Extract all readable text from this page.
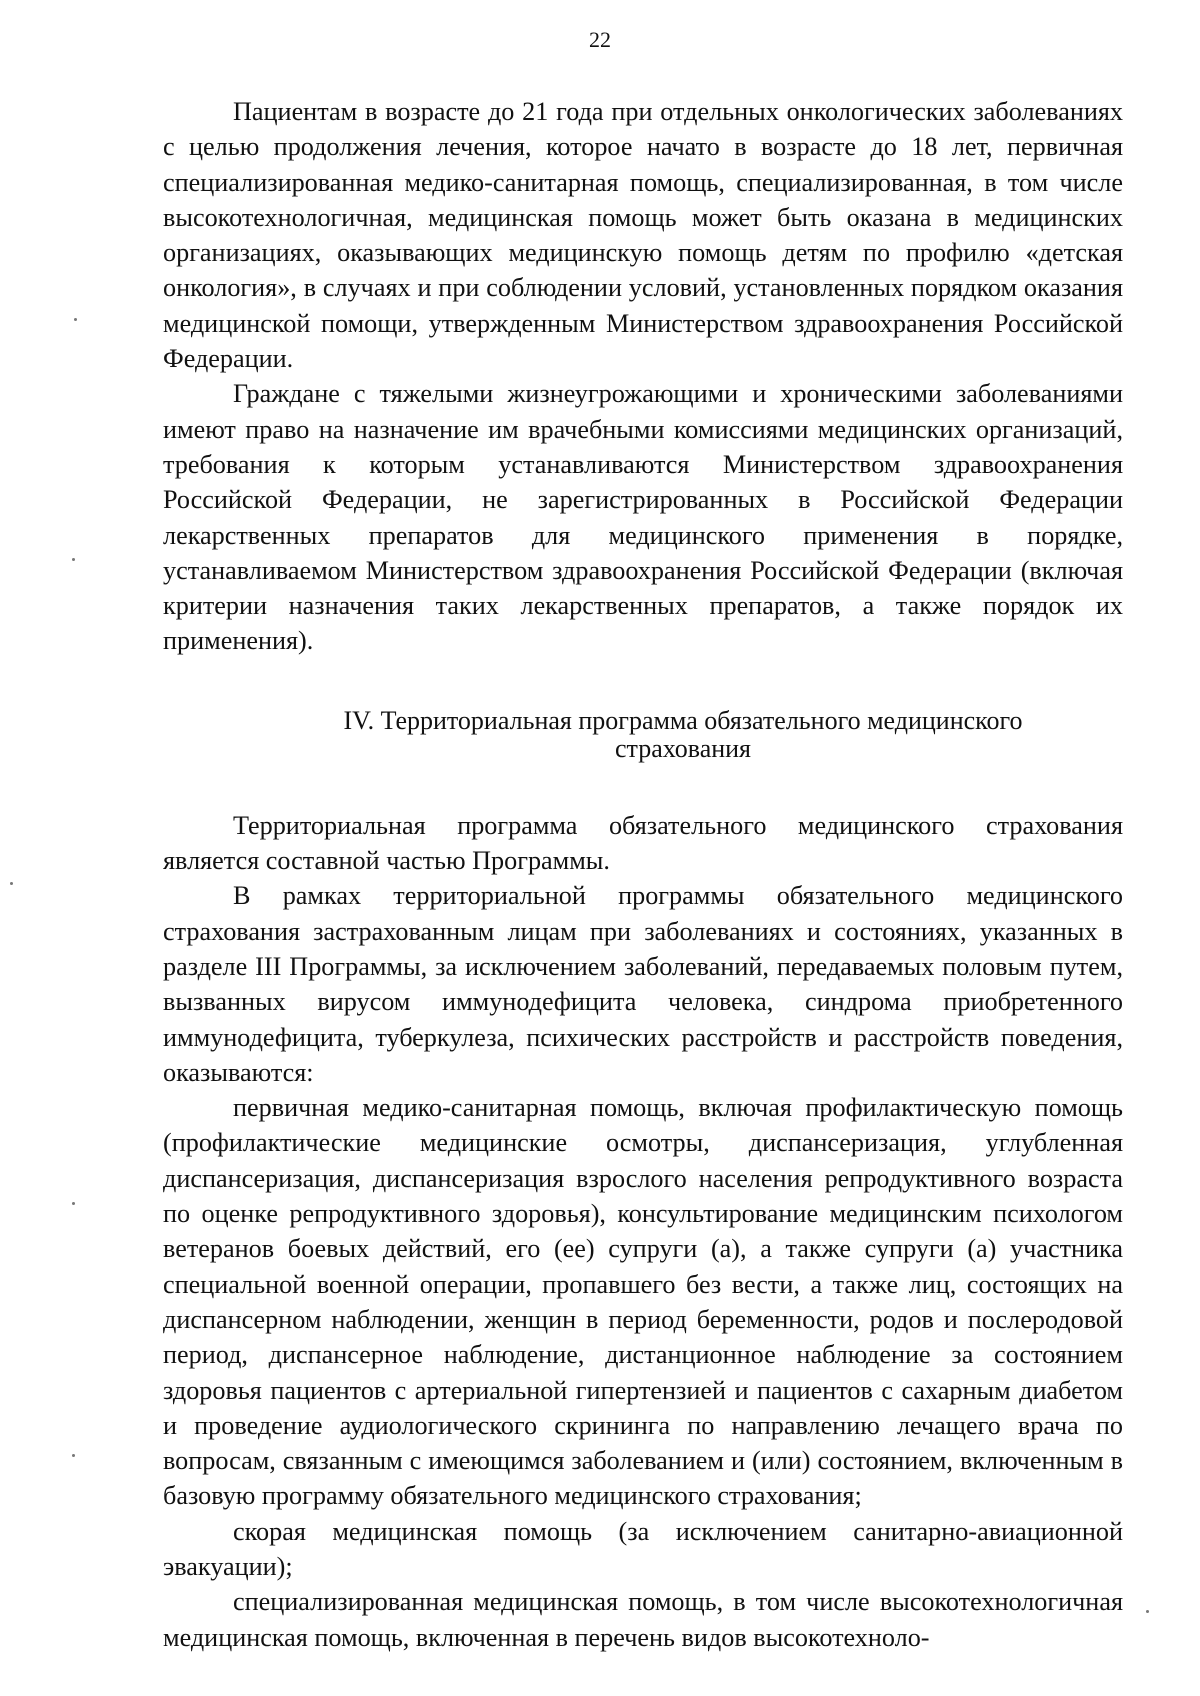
22

Пациентам в возрасте до 21 года при отдельных онкологических заболеваниях с целью продолжения лечения, которое начато в возрасте до 18 лет, первичная специализированная медико-санитарная помощь, специализированная, в том числе высокотехнологичная, медицинская помощь может быть оказана в медицинских организациях, оказывающих медицинскую помощь детям по профилю «детская онкология», в случаях и при соблюдении условий, установленных порядком оказания медицинской помощи, утвержденным Министерством здравоохранения Российской Федерации.

Граждане с тяжелыми жизнеугрожающими и хроническими заболеваниями имеют право на назначение им врачебными комиссиями медицинских организаций, требования к которым устанавливаются Министерством здравоохранения Российской Федерации, не зарегистрированных в Российской Федерации лекарственных препаратов для медицинского применения в порядке, устанавливаемом Министерством здравоохранения Российской Федерации (включая критерии назначения таких лекарственных препаратов, а также порядок их применения).

IV. Территориальная программа обязательного медицинского
страхования

Территориальная программа обязательного медицинского страхования является составной частью Программы.

В рамках территориальной программы обязательного медицинского страхования застрахованным лицам при заболеваниях и состояниях, указанных в разделе III Программы, за исключением заболеваний, передаваемых половым путем, вызванных вирусом иммунодефицита человека, синдрома приобретенного иммунодефицита, туберкулеза, психических расстройств и расстройств поведения, оказываются:

первичная медико-санитарная помощь, включая профилактическую помощь (профилактические медицинские осмотры, диспансеризация, углубленная диспансеризация, диспансеризация взрослого населения репродуктивного возраста по оценке репродуктивного здоровья), консультирование медицинским психологом ветеранов боевых действий, его (ее) супруги (а), а также супруги (а) участника специальной военной операции, пропавшего без вести, а также лиц, состоящих на диспансерном наблюдении, женщин в период беременности, родов и послеродовой период, диспансерное наблюдение, дистанционное наблюдение за состоянием здоровья пациентов с артериальной гипертензией и пациентов с сахарным диабетом и проведение аудиологического скрининга по направлению лечащего врача по вопросам, связанным с имеющимся заболеванием и (или) состоянием, включенным в базовую программу обязательного медицинского страхования;

скорая медицинская помощь (за исключением санитарно-авиационной эвакуации);

специализированная медицинская помощь, в том числе высокотехнологичная медицинская помощь, включенная в перечень видов высокотехноло-
